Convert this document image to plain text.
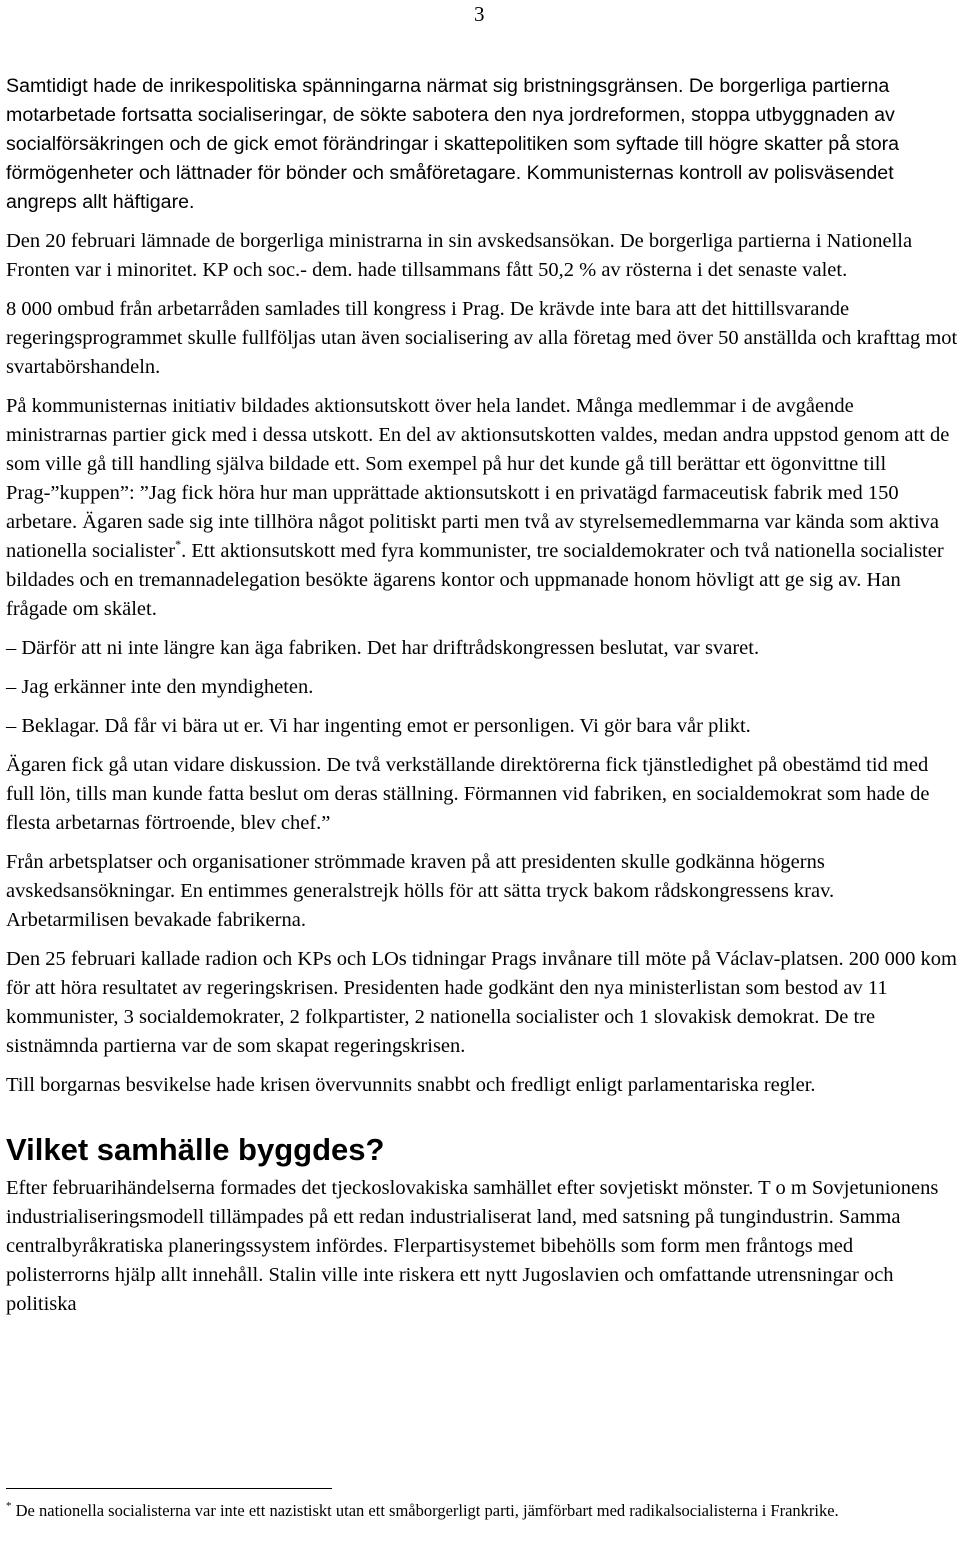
3

Samtidigt hade de inrikespolitiska spänningarna närmat sig bristningsgränsen. De borgerliga partierna motarbetade fortsatta socialiseringar, de sökte sabotera den nya jordreformen, stoppa utbyggnaden av socialförsäkringen och de gick emot förändringar i skattepolitiken som syftade till högre skatter på stora förmögenheter och lättnader för bönder och småföretagare. Kommunisternas kontroll av polisväsendet angreps allt häftigare.

Den 20 februari lämnade de borgerliga ministrarna in sin avskedsansökan. De borgerliga partierna i Nationella Fronten var i minoritet. KP och soc.- dem. hade tillsammans fått 50,2 % av rösterna i det senaste valet.

8 000 ombud från arbetarråden samlades till kongress i Prag. De krävde inte bara att det hittillsvarande regeringsprogrammet skulle fullföljas utan även socialisering av alla företag med över 50 anställda och krafttag mot svartabörshandeln.

På kommunisternas initiativ bildades aktionsutskott över hela landet. Många medlemmar i de avgående ministrarnas partier gick med i dessa utskott. En del av aktionsutskotten valdes, medan andra uppstod genom att de som ville gå till handling själva bildade ett. Som exempel på hur det kunde gå till berättar ett ögonvittne till Prag-”kuppen”: ”Jag fick höra hur man upprättade aktionsutskott i en privatägd farmaceutisk fabrik med 150 arbetare. Ägaren sade sig inte tillhöra något politiskt parti men två av styrelsemedlemmarna var kända som aktiva nationella socialister*. Ett aktionsutskott med fyra kommunister, tre socialdemokrater och två nationella socialister bildades och en tremannadelegation besökte ägarens kontor och uppmanade honom hövligt att ge sig av. Han frågade om skälet.

– Därför att ni inte längre kan äga fabriken. Det har driftrådskongressen beslutat, var svaret.

– Jag erkänner inte den myndigheten.

– Beklagar. Då får vi bära ut er. Vi har ingenting emot er personligen. Vi gör bara vår plikt.

Ägaren fick gå utan vidare diskussion. De två verkställande direktörerna fick tjänstledighet på obestämd tid med full lön, tills man kunde fatta beslut om deras ställning. Förmannen vid fabriken, en socialdemokrat som hade de flesta arbetarnas förtroende, blev chef.”

Från arbetsplatser och organisationer strömmade kraven på att presidenten skulle godkänna högerns avskedsansökningar. En entimmes generalstrejk hölls för att sätta tryck bakom rådskongressens krav. Arbetarmilisen bevakade fabrikerna.

Den 25 februari kallade radion och KPs och LOs tidningar Prags invånare till möte på Václav-platsen. 200 000 kom för att höra resultatet av regeringskrisen. Presidenten hade godkänt den nya ministerlistan som bestod av 11 kommunister, 3 socialdemokrater, 2 folkpartister, 2 nationella socialister och 1 slovakisk demokrat. De tre sistnämnda partierna var de som skapat regeringskrisen.

Till borgarnas besvikelse hade krisen övervunnits snabbt och fredligt enligt parlamentariska regler.

Vilket samhälle byggdes?

Efter februarihändelserna formades det tjeckoslovakiska samhället efter sovjetiskt mönster. T o m Sovjetunionens industrialiseringsmodell tillämpades på ett redan industrialiserat land, med satsning på tungindustrin. Samma centralbyråkratiska planeringssystem infördes. Flerpartisystemet bibehölls som form men fråntogs med polisterrorns hjälp allt innehåll. Stalin ville inte riskera ett nytt Jugoslavien och omfattande utrensningar och politiska

* De nationella socialisterna var inte ett nazistiskt utan ett småborgerligt parti, jämförbart med radikalsocialisterna i Frankrike.
